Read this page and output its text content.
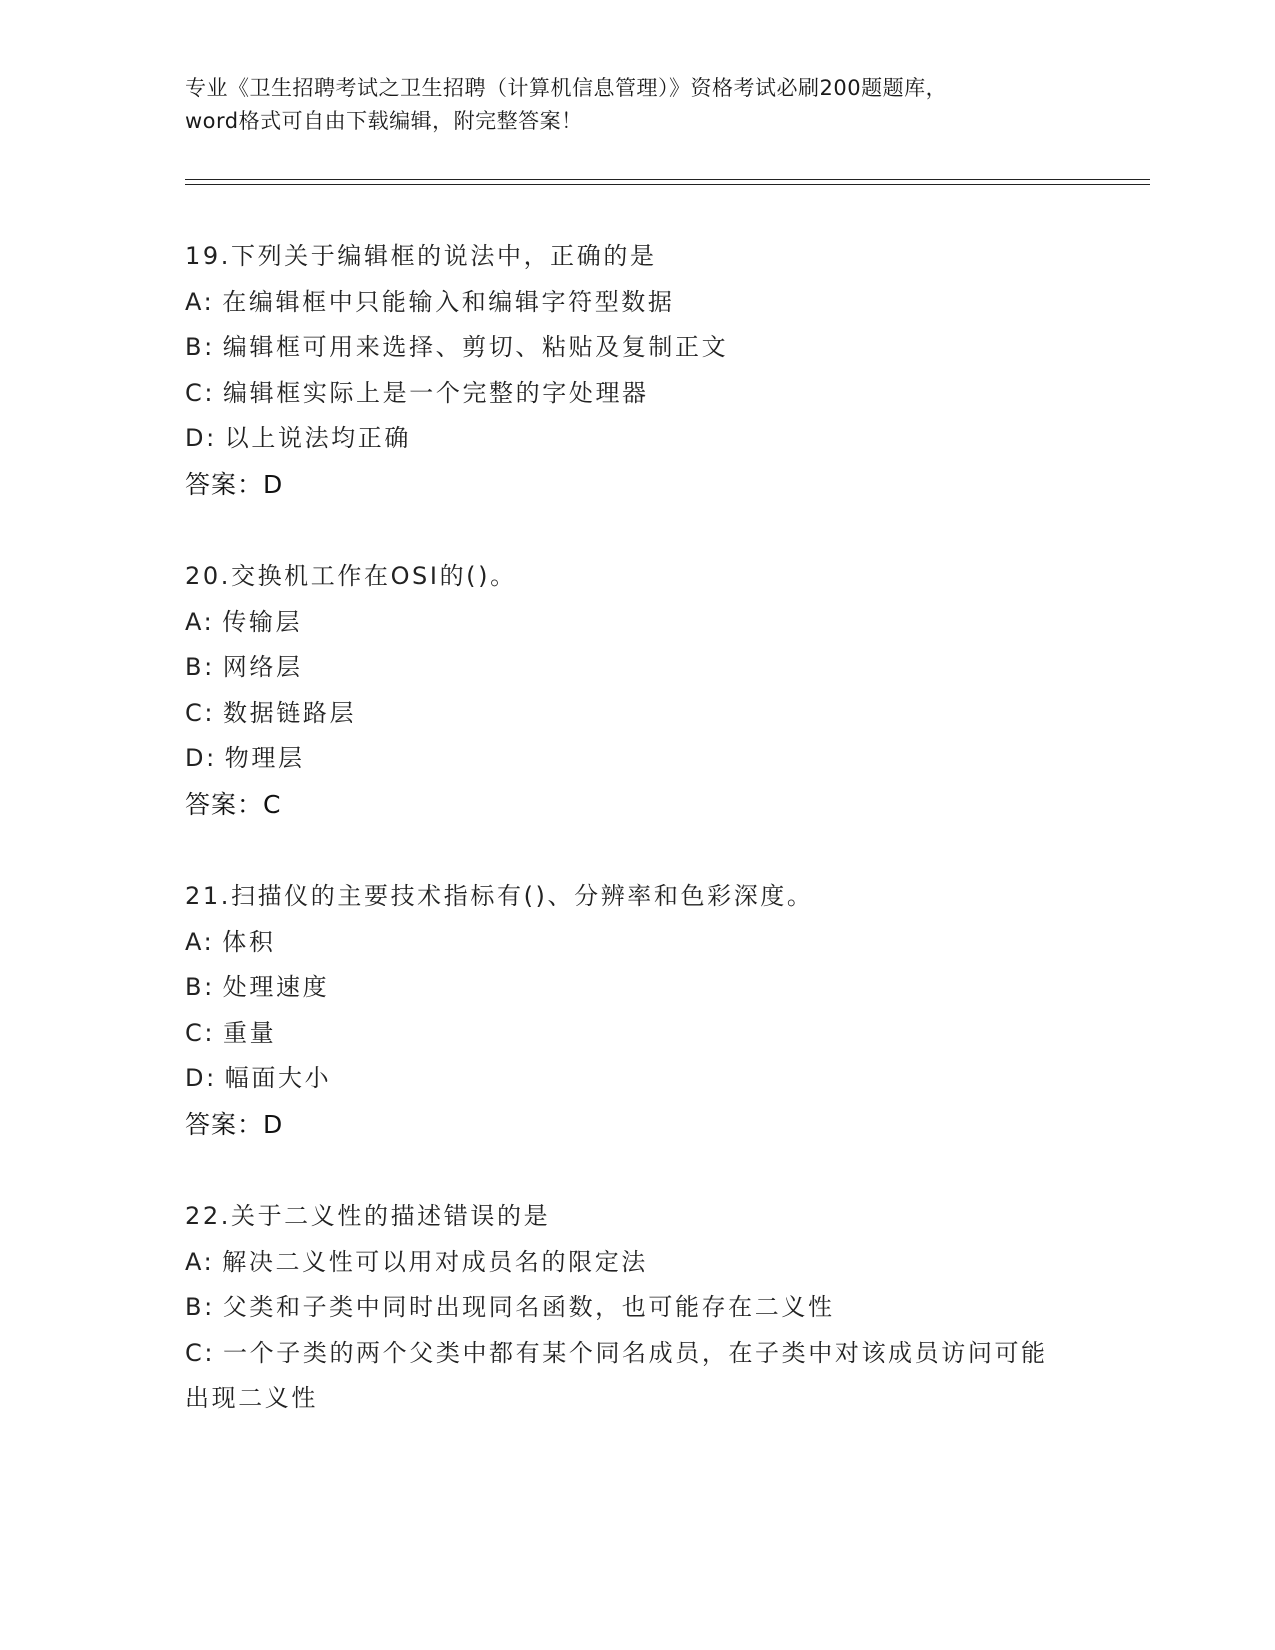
专业《卫生招聘考试之卫生招聘（计算机信息管理）》资格考试必刷200题题库，
word格式可自由下载编辑，附完整答案！
19.下列关于编辑框的说法中，正确的是
A: 在编辑框中只能输入和编辑字符型数据
B: 编辑框可用来选择、剪切、粘贴及复制正文
C: 编辑框实际上是一个完整的字处理器
D: 以上说法均正确
答案：D
20.交换机工作在OSI的()。
A: 传输层
B: 网络层
C: 数据链路层
D: 物理层
答案：C
21.扫描仪的主要技术指标有()、分辨率和色彩深度。
A: 体积
B: 处理速度
C: 重量
D: 幅面大小
答案：D
22.关于二义性的描述错误的是
A: 解决二义性可以用对成员名的限定法
B: 父类和子类中同时出现同名函数，也可能存在二义性
C: 一个子类的两个父类中都有某个同名成员，在子类中对该成员访问可能出现二义性
